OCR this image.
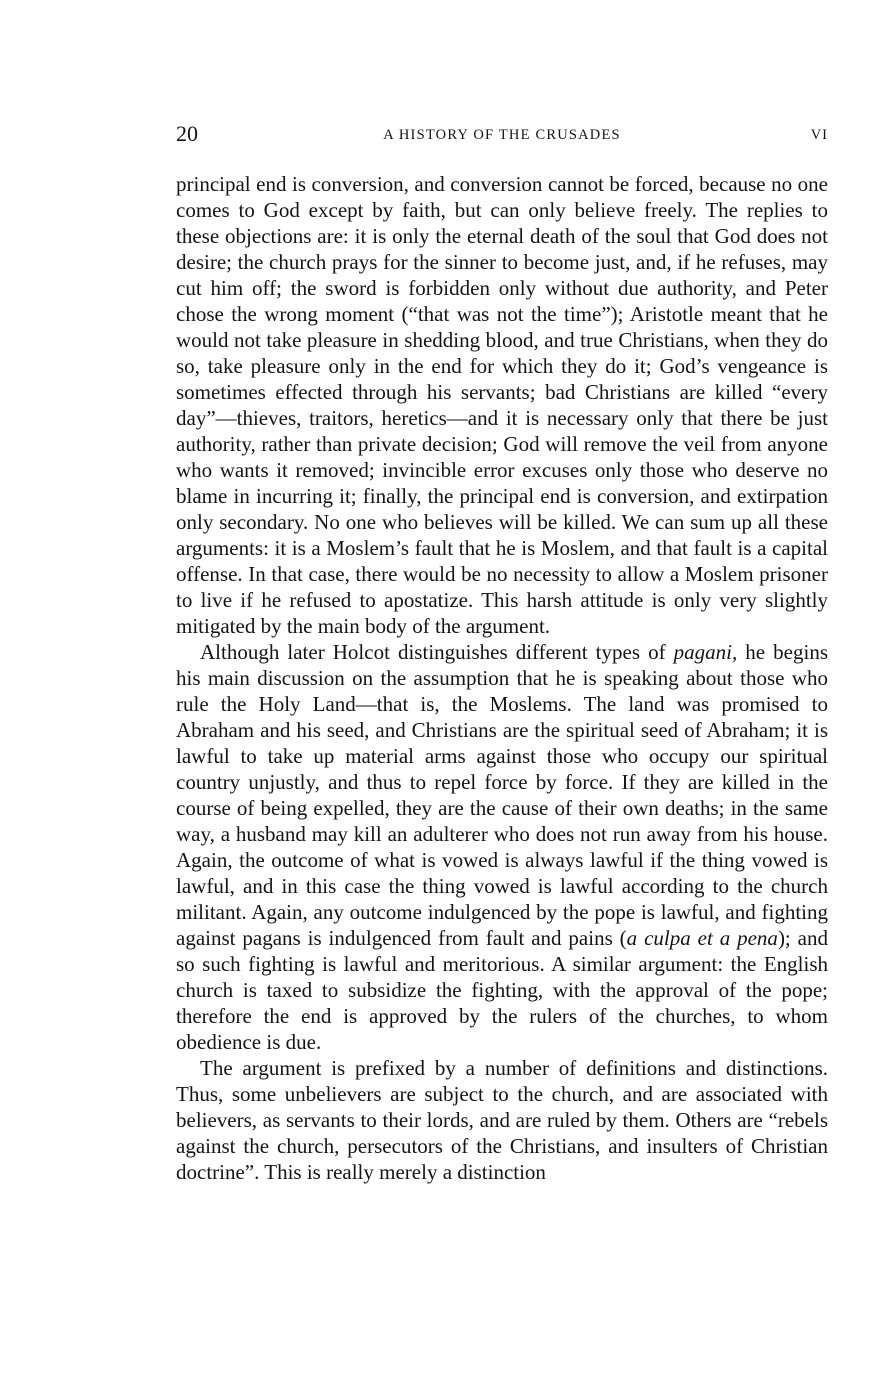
20	A HISTORY OF THE CRUSADES	VI

principal end is conversion, and conversion cannot be forced, because no one comes to God except by faith, but can only believe freely. The replies to these objections are: it is only the eternal death of the soul that God does not desire; the church prays for the sinner to become just, and, if he refuses, may cut him off; the sword is forbidden only without due authority, and Peter chose the wrong moment (“that was not the time”); Aristotle meant that he would not take pleasure in shedding blood, and true Christians, when they do so, take pleasure only in the end for which they do it; God’s vengeance is sometimes effected through his servants; bad Christians are killed “every day”—thieves, traitors, heretics—and it is necessary only that there be just authority, rather than private decision; God will remove the veil from anyone who wants it removed; invincible error excuses only those who deserve no blame in incurring it; finally, the principal end is conversion, and extirpation only secondary. No one who believes will be killed. We can sum up all these arguments: it is a Moslem’s fault that he is Moslem, and that fault is a capital offense. In that case, there would be no necessity to allow a Moslem prisoner to live if he refused to apostatize. This harsh attitude is only very slightly mitigated by the main body of the argument.

Although later Holcot distinguishes different types of pagani, he begins his main discussion on the assumption that he is speaking about those who rule the Holy Land—that is, the Moslems. The land was promised to Abraham and his seed, and Christians are the spiritual seed of Abraham; it is lawful to take up material arms against those who occupy our spiritual country unjustly, and thus to repel force by force. If they are killed in the course of being expelled, they are the cause of their own deaths; in the same way, a husband may kill an adulterer who does not run away from his house. Again, the outcome of what is vowed is always lawful if the thing vowed is lawful, and in this case the thing vowed is lawful according to the church militant. Again, any outcome indulgenced by the pope is lawful, and fighting against pagans is indulgenced from fault and pains (a culpa et a pena); and so such fighting is lawful and meritorious. A similar argument: the English church is taxed to subsidize the fighting, with the approval of the pope; therefore the end is approved by the rulers of the churches, to whom obedience is due.

The argument is prefixed by a number of definitions and distinctions. Thus, some unbelievers are subject to the church, and are associated with believers, as servants to their lords, and are ruled by them. Others are “rebels against the church, persecutors of the Christians, and insulters of Christian doctrine”. This is really merely a distinction
